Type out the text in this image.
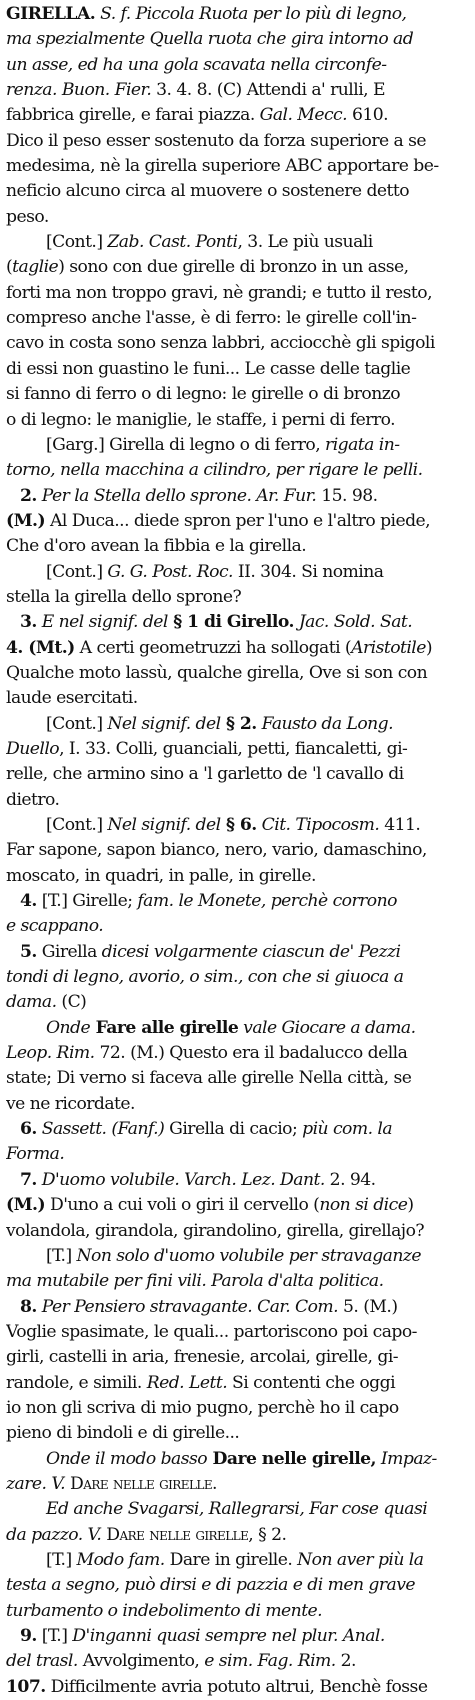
GIRELLA. S. f. Piccola Ruota per lo più di legno,
ma spezialmente Quella ruota che gira intorno ad
un asse, ed ha una gola scavata nella circonfe-
renza. Buon. Fier. 3. 4. 8. (C) Attendi a' rulli, E
fabbrica girelle, e farai piazza. Gal. Mecc. 610.
Dico il peso esser sostenuto da forza superiore a se
medesima, nè la girella superiore ABC apportare be-
neficio alcuno circa al muovere o sostenere detto
peso.
[Cont.] Zab. Cast. Ponti, 3. Le più usuali
(taglie) sono con due girelle di bronzo in un asse,
forti ma non troppo gravi, nè grandi; e tutto il resto,
compreso anche l'asse, è di ferro: le girelle coll'in-
cavo in costa sono senza labbri, acciocchè gli spigoli
di essi non guastino le funi... Le casse delle taglie
si fanno di ferro o di legno: le girelle o di bronzo
o di legno: le maniglie, le staffe, i perni di ferro.
[Garg.] Girella di legno o di ferro, rigata in-
torno, nella macchina a cilindro, per rigare le pelli.
2. Per la Stella dello sprone. Ar. Fur. 15. 98.
(M.) Al Duca... diede spron per l'uno e l'altro piede,
Che d'oro avean la fibbia e la girella.
[Cont.] G. G. Post. Roc. II. 304. Si nomina
stella la girella dello sprone?
3. E nel signif. del § 1 di Girello. Jac. Sold. Sat.
4. (Mt.) A certi geometruzzi ha sollogati (Aristotile)
Qualche moto lassù, qualche girella, Ove si son con
laude esercitati.
[Cont.] Nel signif. del § 2. Fausto da Long.
Duello, I. 33. Colli, guanciali, petti, fiancaletti, gi-
relle, che armino sino a 'l garletto de 'l cavallo di
dietro.
[Cont.] Nel signif. del § 6. Cit. Tipocosm. 411.
Far sapone, sapon bianco, nero, vario, damaschino,
moscato, in quadri, in palle, in girelle.
4. [T.] Girelle; fam. le Monete, perchè corrono
e scappano.
5. Girella dicesi volgarmente ciascun de' Pezzi
tondi di legno, avorio, o sim., con che si giuoca a
dama. (C)
Onde Fare alle girelle vale Giocare a dama.
Leop. Rim. 72. (M.) Questo era il badalucco della
state; Di verno si faceva alle girelle Nella città, se
ve ne ricordate.
6. Sassett. (Fanf.) Girella di cacio; più com. la
Forma.
7. D'uomo volubile. Varch. Lez. Dant. 2. 94.
(M.) D'uno a cui voli o giri il cervello (non si dice)
volandola, girandola, girandolino, girella, girellajo?
[T.] Non solo d'uomo volubile per stravaganze
ma mutabile per fini vili. Parola d'alta politica.
8. Per Pensiero stravagante. Car. Com. 5. (M.)
Voglie spasimate, le quali... partoriscono poi capo-
girli, castelli in aria, frenesie, arcolai, girelle, gi-
randole, e simili. Red. Lett. Si contenti che oggi
io non gli scriva di mio pugno, perchè ho il capo
pieno di bindoli e di girelle...
Onde il modo basso Dare nelle girelle, Impaz-
zare. V. Dare nelle girelle.
Ed anche Svagarsi, Rallegrarsi, Far cose quasi
da pazzo. V. Dare nelle girelle, § 2.
[T.] Modo fam. Dare in girelle. Non aver più la
testa a segno, può dirsi e di pazzia e di men grave
turbamento o indebolimento di mente.
9. [T.] D'inganni quasi sempre nel plur. Anal.
del trasl. Avvolgimento, e sim. Fag. Rim. 2.
107. Difficilmente avria potuto altrui, Benchè fosse
